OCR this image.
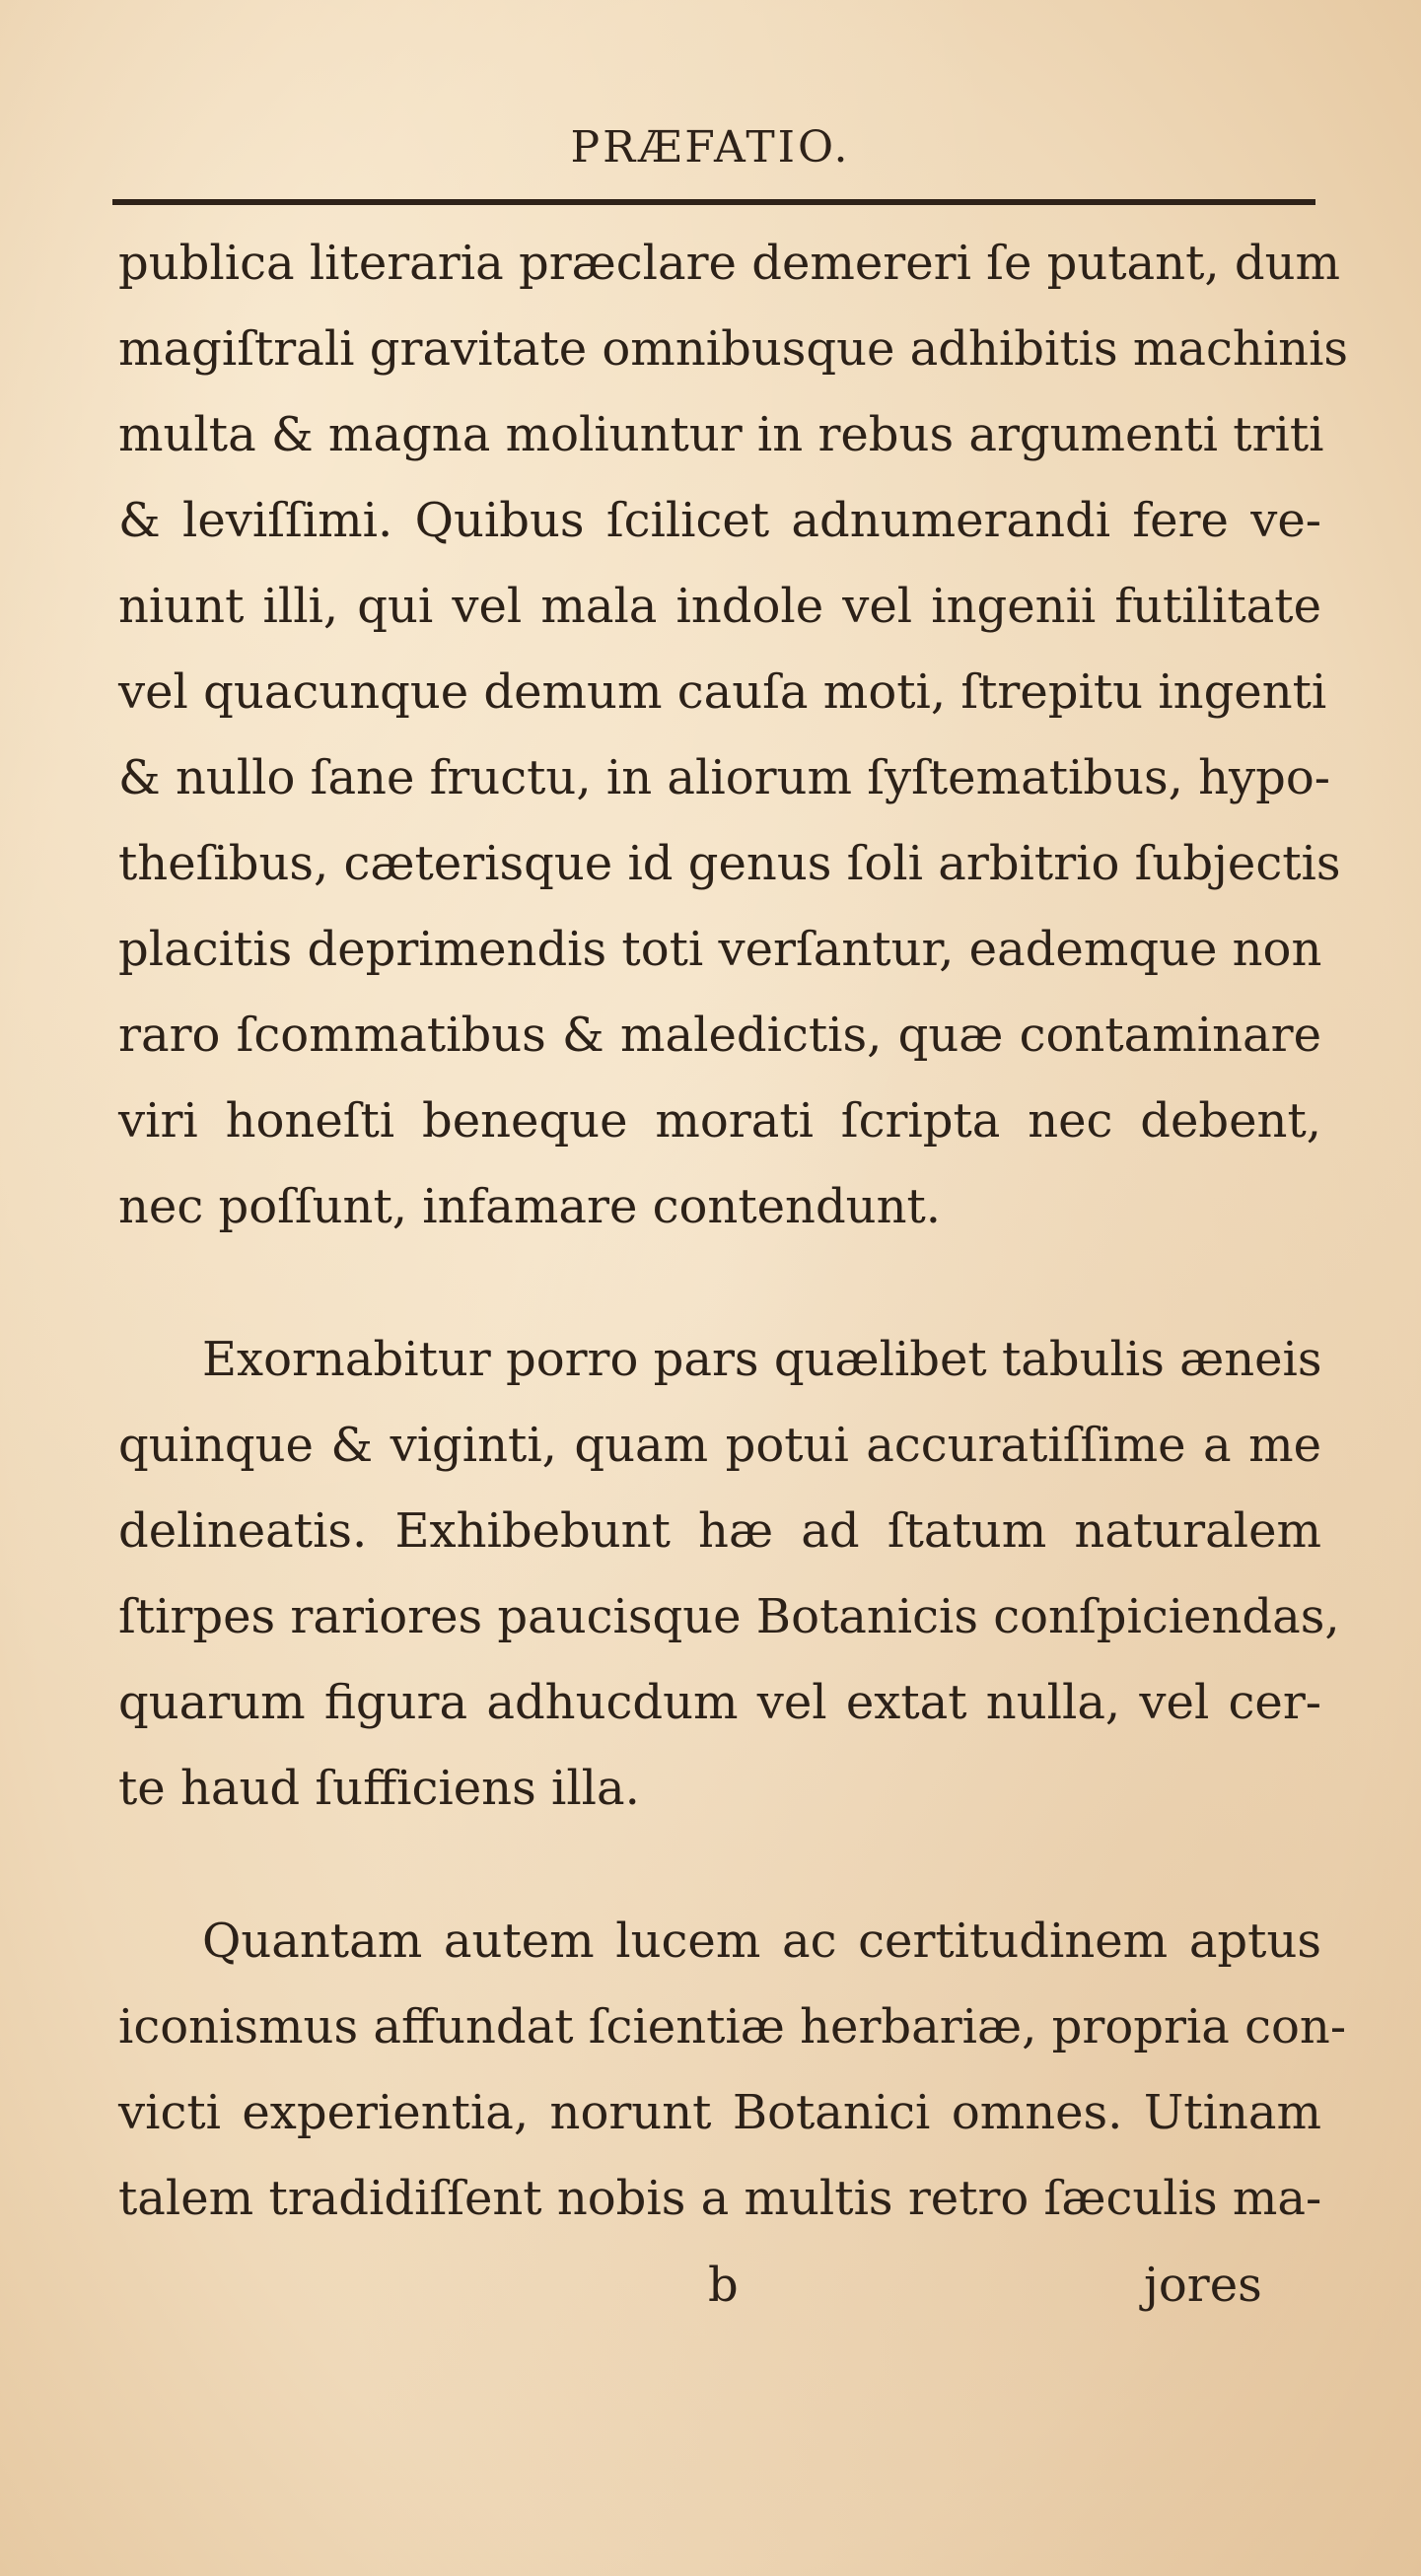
PRÆFATIO.
publica literaria præclare demereri ſe putant, dum
magiſtrali gravitate omnibusque adhibitis machinis
multa & magna moliuntur in rebus argumenti triti
& leviſſimi. Quibus ſcilicet adnumerandi fere ve-
niunt illi, qui vel mala indole vel ingenii futilitate
vel quacunque demum cauſa moti, ſtrepitu ingenti
& nullo ſane fructu, in aliorum ſyſtematibus, hypo-
theſibus, cæterisque id genus ſoli arbitrio ſubjectis
placitis deprimendis toti verſantur, eademque non
raro ſcommatibus & maledictis, quæ contaminare
viri honeſti beneque morati ſcripta nec debent,
nec poſſunt, infamare contendunt.
Exornabitur porro pars quælibet tabulis æneis
quinque & viginti, quam potui accuratiſſime a me
delineatis. Exhibebunt hæ ad ſtatum naturalem
ſtirpes rariores paucisque Botanicis conſpiciendas,
quarum figura adhucdum vel extat nulla, vel cer-
te haud ſufficiens illa.
Quantam autem lucem ac certitudinem aptus
iconismus affundat ſcientiæ herbariæ, propria con-
victi experientia, norunt Botanici omnes. Utinam
talem tradidiſſent nobis a multis retro ſæculis ma-
b	jores
